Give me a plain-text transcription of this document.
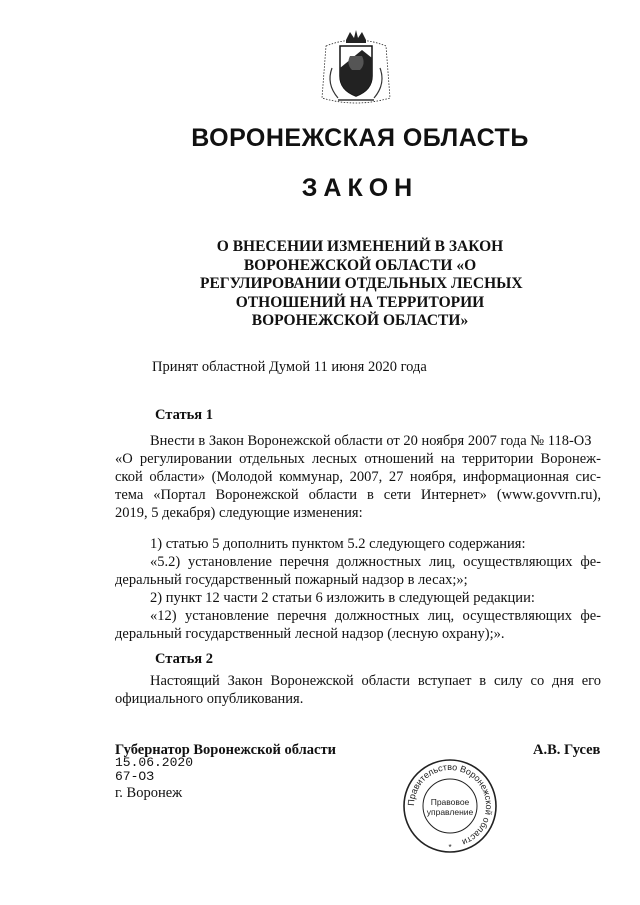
ВОРОНЕЖСКАЯ ОБЛАСТЬ
ЗАКОН
О ВНЕСЕНИИ ИЗМЕНЕНИЙ В ЗАКОН
ВОРОНЕЖСКОЙ ОБЛАСТИ «О
РЕГУЛИРОВАНИИ ОТДЕЛЬНЫХ ЛЕСНЫХ
ОТНОШЕНИЙ НА ТЕРРИТОРИИ
ВОРОНЕЖСКОЙ ОБЛАСТИ»
Принят областной Думой 11 июня 2020 года
Статья 1
Внести в Закон Воронежской области от 20 ноября 2007 года № 118-ОЗ
«О регулировании отдельных лесных отношений на территории Воронеж-
ской области» (Молодой коммунар, 2007, 27 ноября, информационная сис-
тема «Портал Воронежской области в сети Интернет» (www.govvrn.ru),
2019, 5 декабря) следующие изменения:
1) статью 5 дополнить пунктом 5.2 следующего содержания:
«5.2) установление перечня должностных лиц, осуществляющих фе-
деральный государственный пожарный надзор в лесах;»;
2) пункт 12 части 2 статьи 6 изложить в следующей редакции:
«12) установление перечня должностных лиц, осуществляющих фе-
деральный государственный лесной надзор (лесную охрану);».
Статья 2
Настоящий Закон Воронежской области вступает в силу со дня его
официального опубликования.
Губернатор Воронежской области	А.В. Гусев
15.06.2020
67-ОЗ
г. Воронеж
Правительство Воронежской области
Правовое
управление
*
